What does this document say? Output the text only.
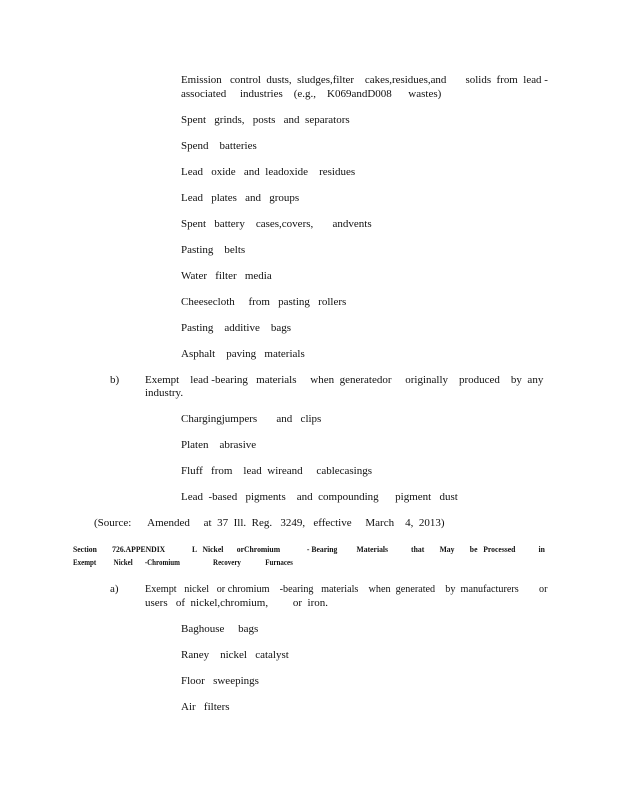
Emission   control  dusts,  sludges,filter    cakes,residues,and       solids  from  lead -
associated     industries    (e.g.,    K069andD008      wastes)
Spent   grinds,   posts   and  separators
Spend    batteries
Lead   oxide   and  leadoxide    residues
Lead   plates   and   groups
Spent   battery    cases,covers,       andvents
Pasting    belts
Water   filter   media
Cheesecloth     from   pasting   rollers
Pasting    additive    bags
Asphalt    paving   materials
b) Exempt    lead -bearing   materials     when  generatedor     originally    produced    by  any
industry.
Chargingjumpers       and   clips
Platen    abrasive
Fluff   from    lead  wireand     cablecasings
Lead  -based   pigments    and  compounding      pigment   dust
(Source:      Amended     at  37  Ill.  Reg.   3249,   effective     March    4,  2013)
Section        726.APPENDIX              L   Nickel       orChromium              - Bearing          Materials            that        May        be   Processed            in
Exempt          Nickel       -Chromium                   Recovery              Furnaces
a) Exempt   nickel   or chromium    -bearing   materials    when  generated    by  manufacturers        or
users   of  nickel,chromium,         or  iron.
Baghouse     bags
Raney    nickel   catalyst
Floor   sweepings
Air   filters
